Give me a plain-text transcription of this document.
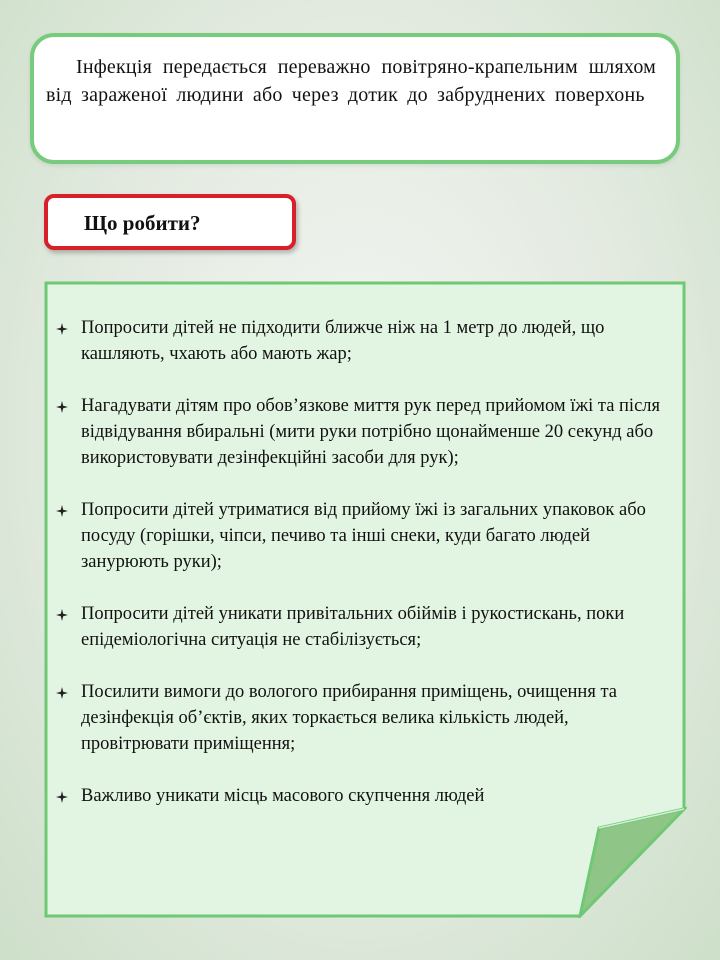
Інфекція передається переважно повітряно-крапельним шляхом від зараженої людини або через дотик до забруднених поверхонь

Що робити?
Попросити дітей не підходити ближче ніж на 1 метр до людей, що кашляють, чхають або мають жар;
Нагадувати дітям про обов’язкове миття рук перед прийомом їжі та після відвідування вбиральні (мити руки потрібно щонайменше 20 секунд або використовувати дезінфекційні засоби для рук);
Попросити дітей утриматися від прийому їжі із загальних упаковок або посуду (горішки, чіпси, печиво та інші снеки, куди багато людей занурюють руки);
Попросити дітей уникати привітальних обіймів і рукостискань, поки епідеміологічна ситуація не стабілізується;
Посилити вимоги до вологого прибирання приміщень, очищення та дезінфекція об’єктів, яких торкається велика кількість людей, провітрювати приміщення;
Важливо уникати місць масового скупчення людей
